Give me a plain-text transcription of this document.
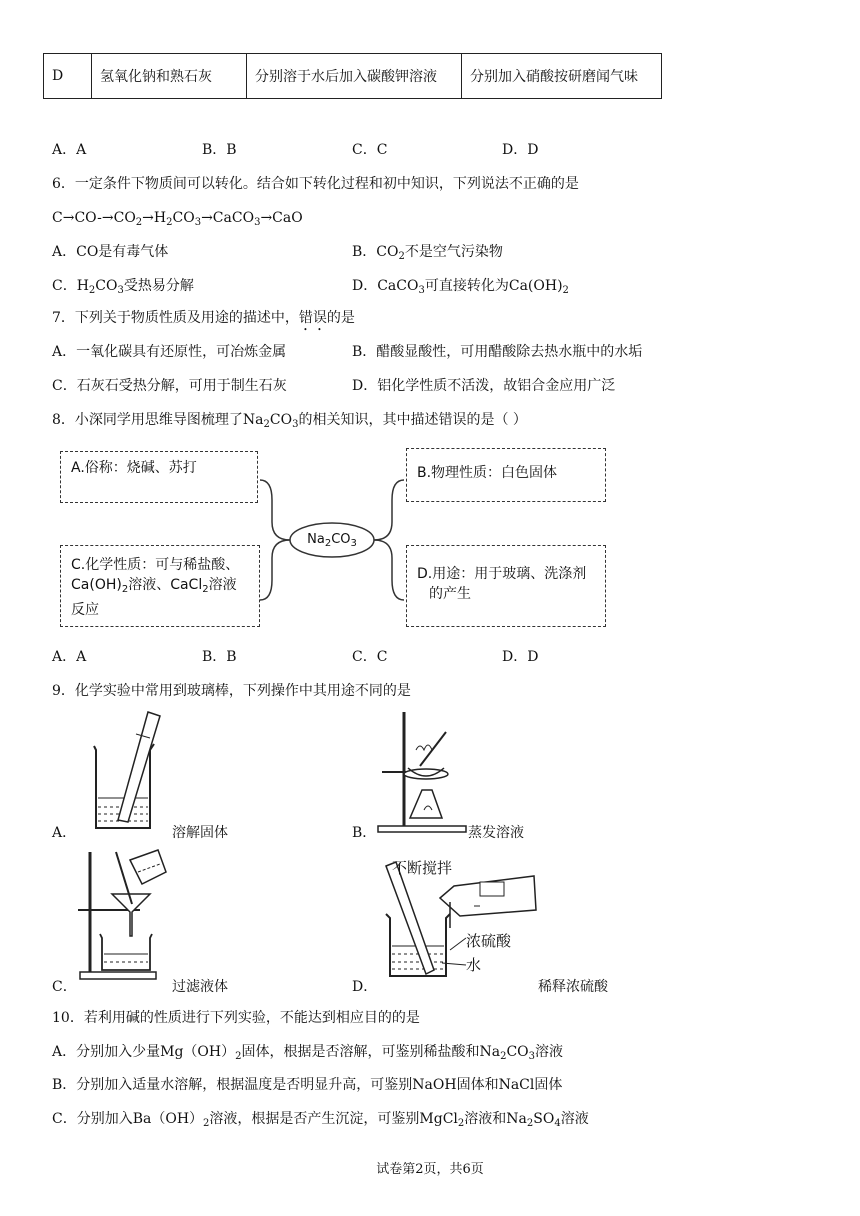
D	氢氧化钠和熟石灰	分别溶于水后加入碳酸钾溶液	分别加入硝酸按研磨闻气味
A．A	B．B	C．C	D．D
6．一定条件下物质间可以转化。结合如下转化过程和初中知识，下列说法不正确的是
$C\to CO-\to CO_2\to H_2CO_3\to CaCO_3\to CaO$
A．CO是有毒气体	B．$CO_2$不是空气污染物
C．$H_2CO_3$受热易分解	D．CaCO$_3$可直接转化为$Ca(OH)_2$
7．下列关于物质性质及用途的描述中，错误的是
A．一氧化碳具有还原性，可冶炼金属	B．醋酸显酸性，可用醋酸除去热水瓶中的水垢
C．石灰石受热分解，可用于制生石灰	D．铝化学性质不活泼，故铝合金应用广泛
8．小深同学用思维导图梳理了$Na_2CO_3$的相关知识，其中描述错误的是（ ）
A.俗称：烧碱、苏打
C.化学性质：可与稀盐酸、
$Ca(OH)_2$溶液、CaCl$_2$溶液
反应
B.物理性质：白色固体
D.用途：用于玻璃、洗涤剂
的产生
$Na_2CO_3$
A．A	B．B	C．C	D．D
9．化学实验中常用到玻璃棒，下列操作中其用途不同的是
A．	溶解固体	B．	蒸发溶液
C．	过滤液体
不断搅拌
浓硫酸
水
D．	稀释浓硫酸
10．若利用碱的性质进行下列实验，不能达到相应目的的是
A．分别加入少量$Mg(OH)_2$固体，根据是否溶解，可鉴别稀盐酸和$Na_2CO_3$溶液
B．分别加入适量水溶解，根据温度是否明显升高，可鉴别NaOH固体和NaCl固体
C．分别加入$Ba(OH)_2$溶液，根据是否产生沉淀，可鉴别MgCl$_2$溶液和$Na_2SO_4$溶液
试卷第2页，共6页
